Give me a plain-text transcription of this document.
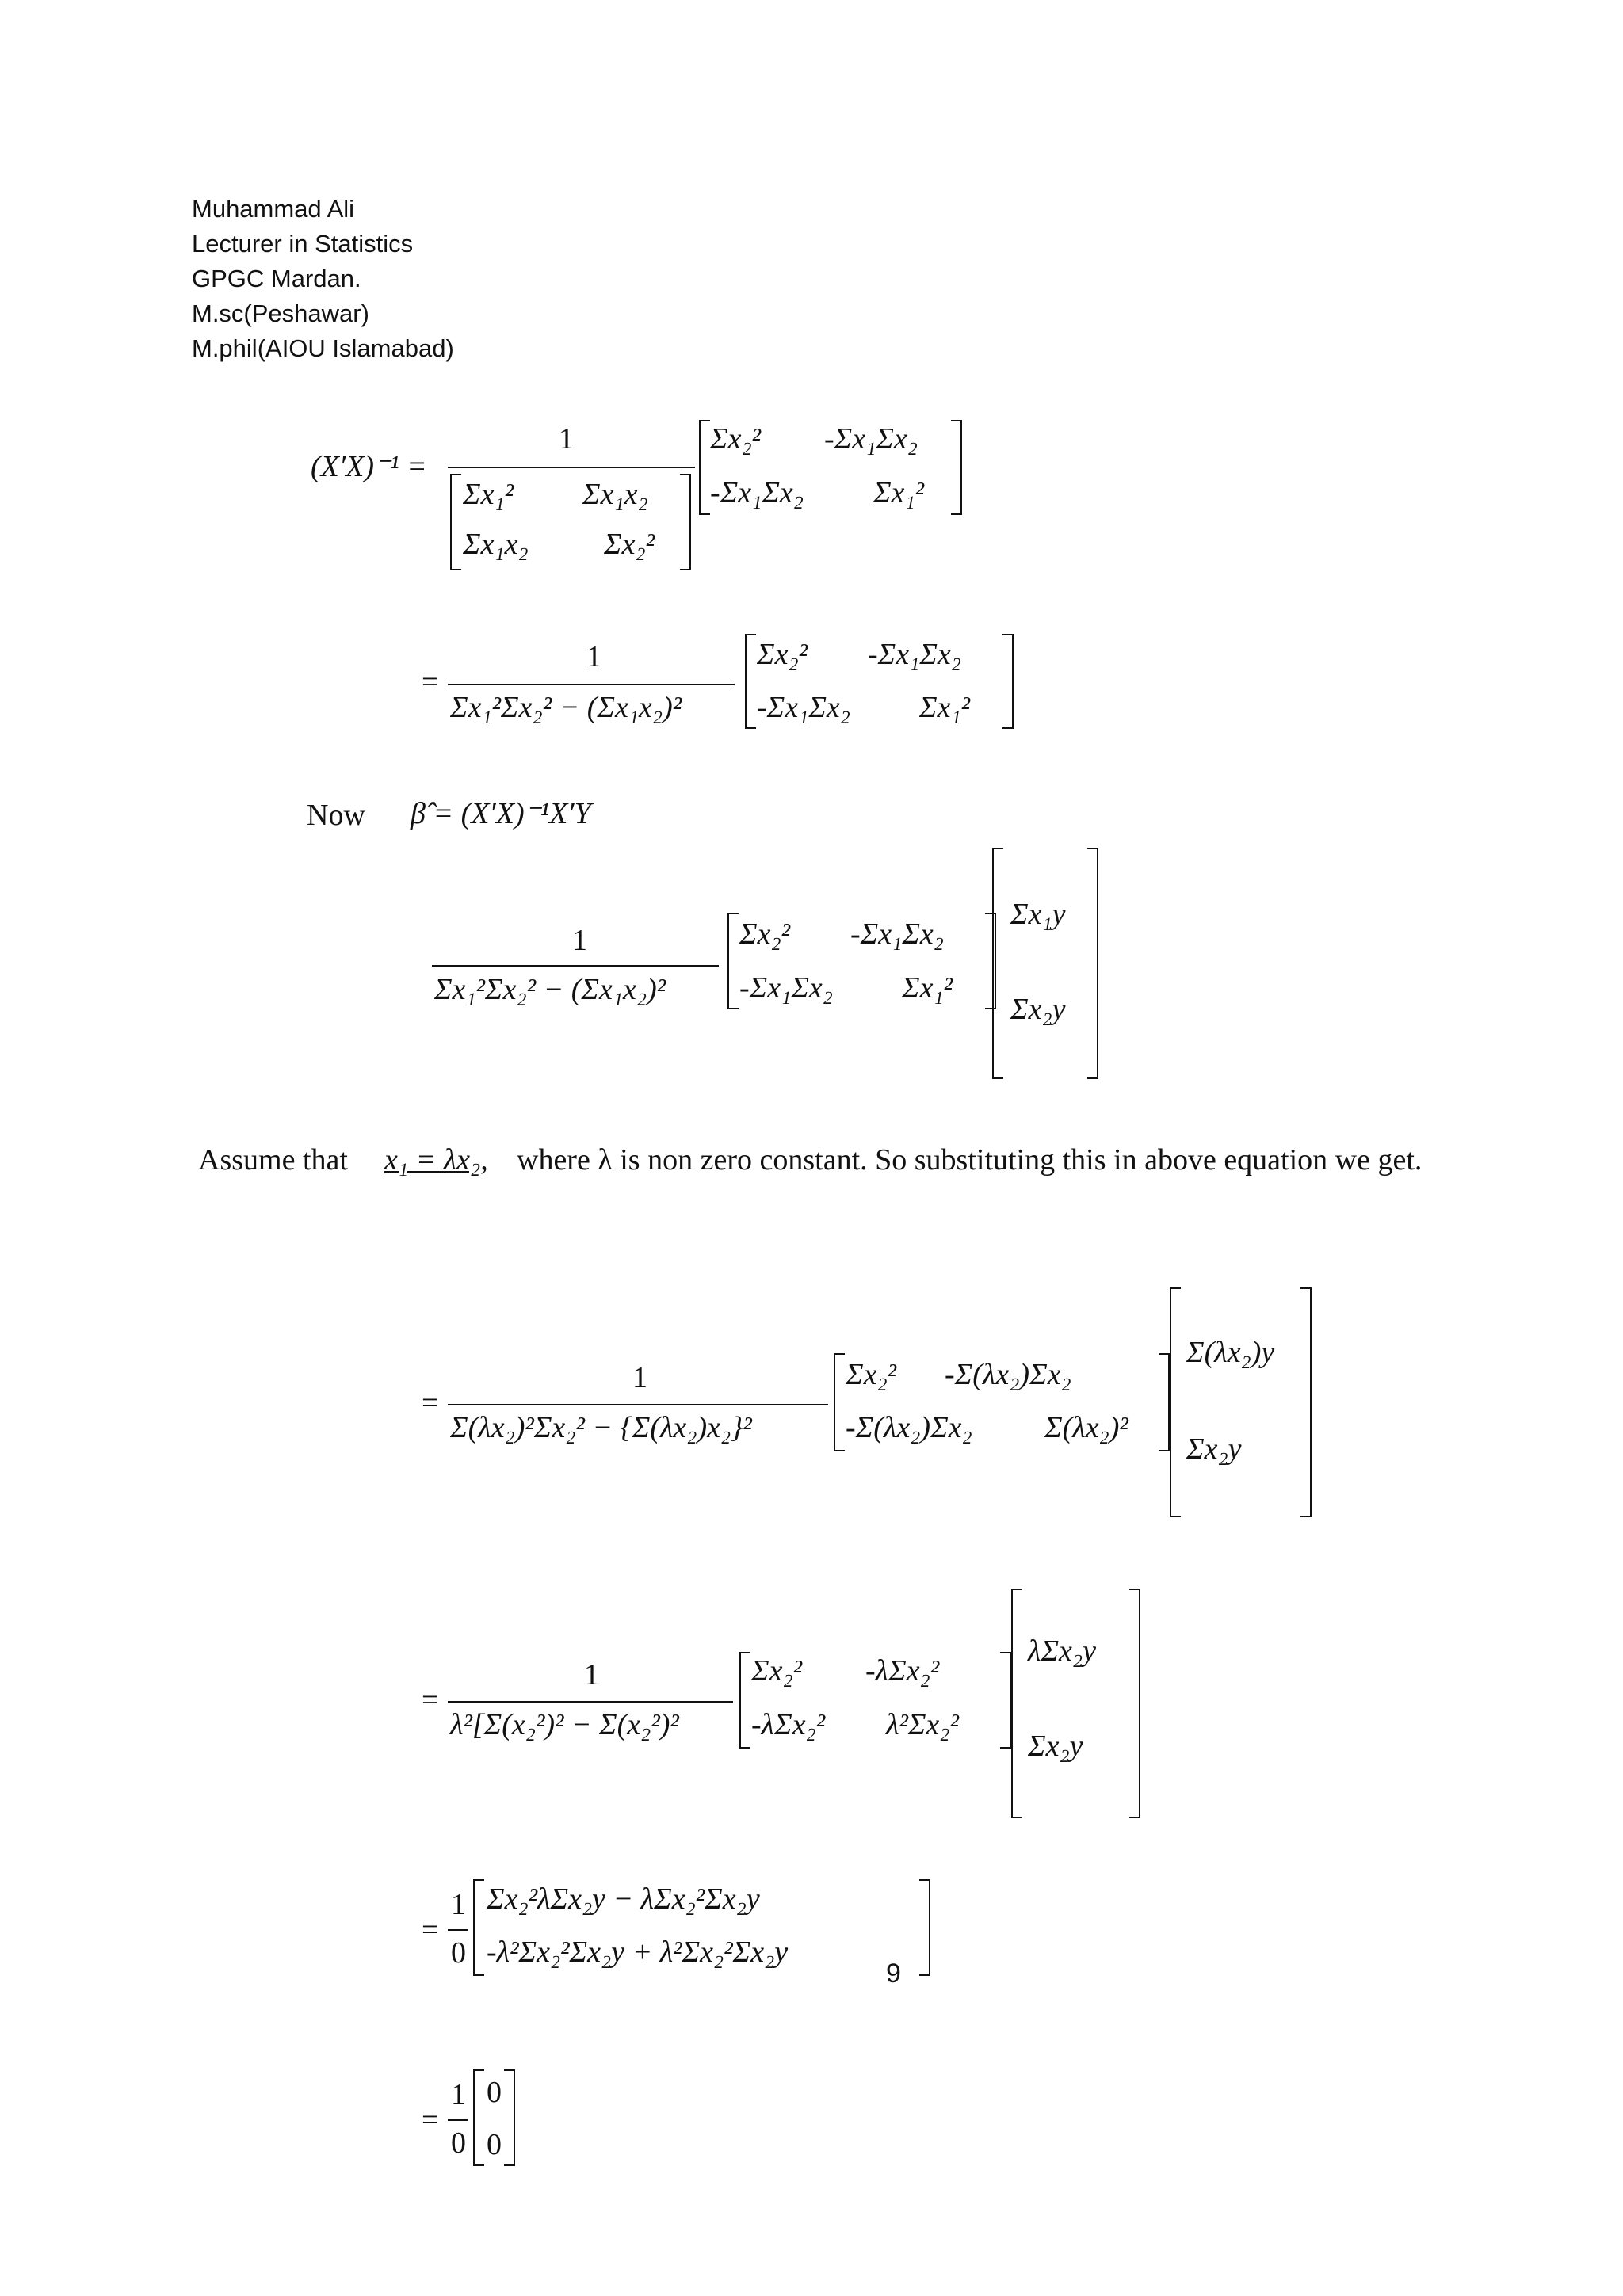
Muhammad Ali
Lecturer in Statistics
GPGC Mardan.
M.sc(Peshawar)
M.phil(AIOU Islamabad)
(X′X)⁻¹ =
1
Σx₁² Σx₁x₂
Σx₁x₂	Σx₂²
Σx₂² -Σx₁Σx₂
-Σx₁Σx₂ Σx₁²
=
1
Σx₁²Σx₂² − (Σx₁x₂)²
Σx₂² -Σx₁Σx₂
-Σx₁Σx₂ Σx₁²
Now β̂ = (X′X)⁻¹X′Y
1
Σx₁²Σx₂² − (Σx₁x₂)²
Σx₂² -Σx₁Σx₂
-Σx₁Σx₂ Σx₁²
Σx₁y
Σx₂y
Assume that x₁ = λx₂, where λ is non zero constant. So substituting this in above equation we get.
=
1
Σ(λx₂)²Σx₂² − {Σ(λx₂)x₂}²
Σx₂² -Σ(λx₂)Σx₂
-Σ(λx₂)Σx₂ Σ(λx₂)²
Σ(λx₂)y
Σx₂y
=
1
λ²[Σ(x₂²)² − Σ(x₂²)²
Σx₂² -λΣx₂²
-λΣx₂² λ²Σx₂²
λΣx₂y
Σx₂y
=
1
0
Σx₂²λΣx₂y − λΣx₂²Σx₂y
-λ²Σx₂²Σx₂y + λ²Σx₂²Σx₂y
=
1
0
0
0
9
